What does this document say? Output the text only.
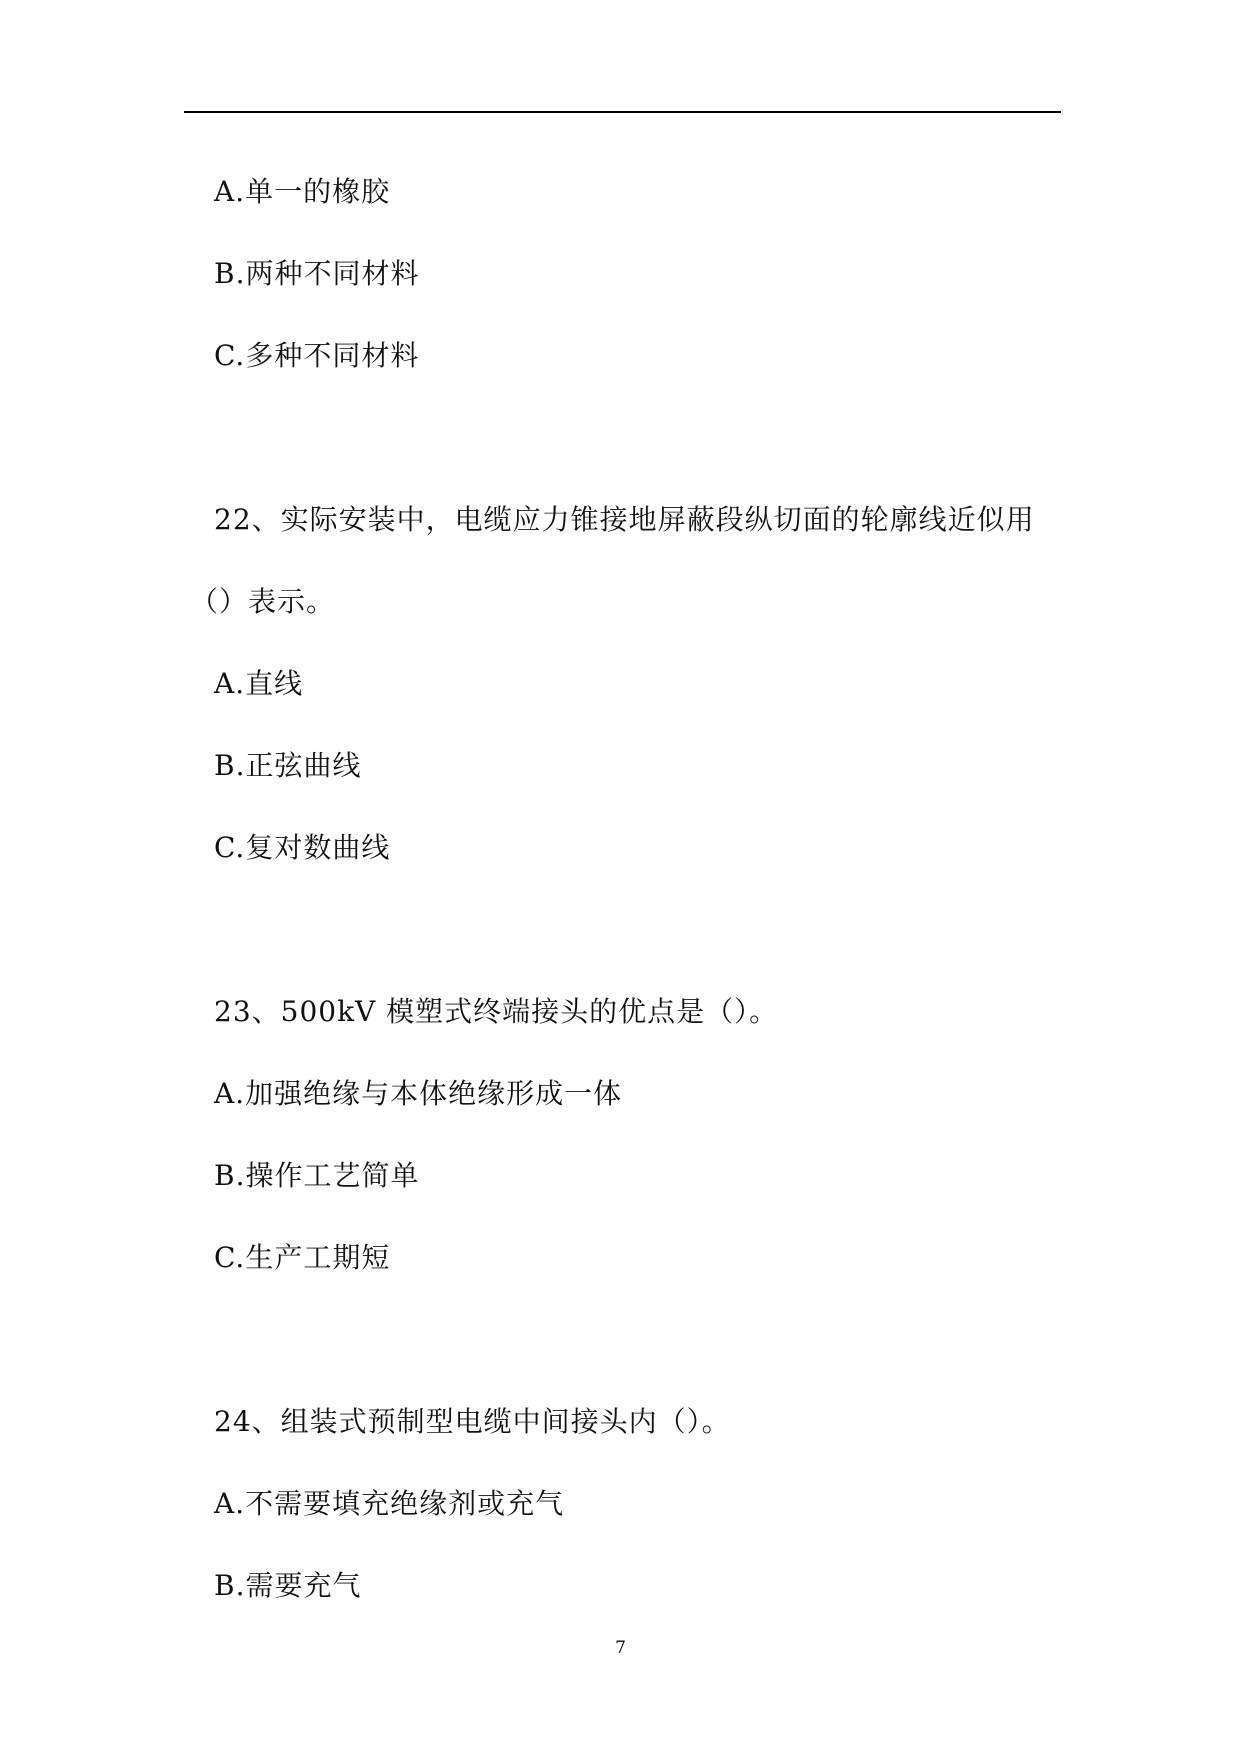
A.单一的橡胶
B.两种不同材料
C.多种不同材料
22、实际安装中，电缆应力锥接地屏蔽段纵切面的轮廓线近似用
（）表示。
A.直线
B.正弦曲线
C.复对数曲线
23、500kV 模塑式终端接头的优点是（）。
A.加强绝缘与本体绝缘形成一体
B.操作工艺简单
C.生产工期短
24、组装式预制型电缆中间接头内（）。
A.不需要填充绝缘剂或充气
B.需要充气
7
